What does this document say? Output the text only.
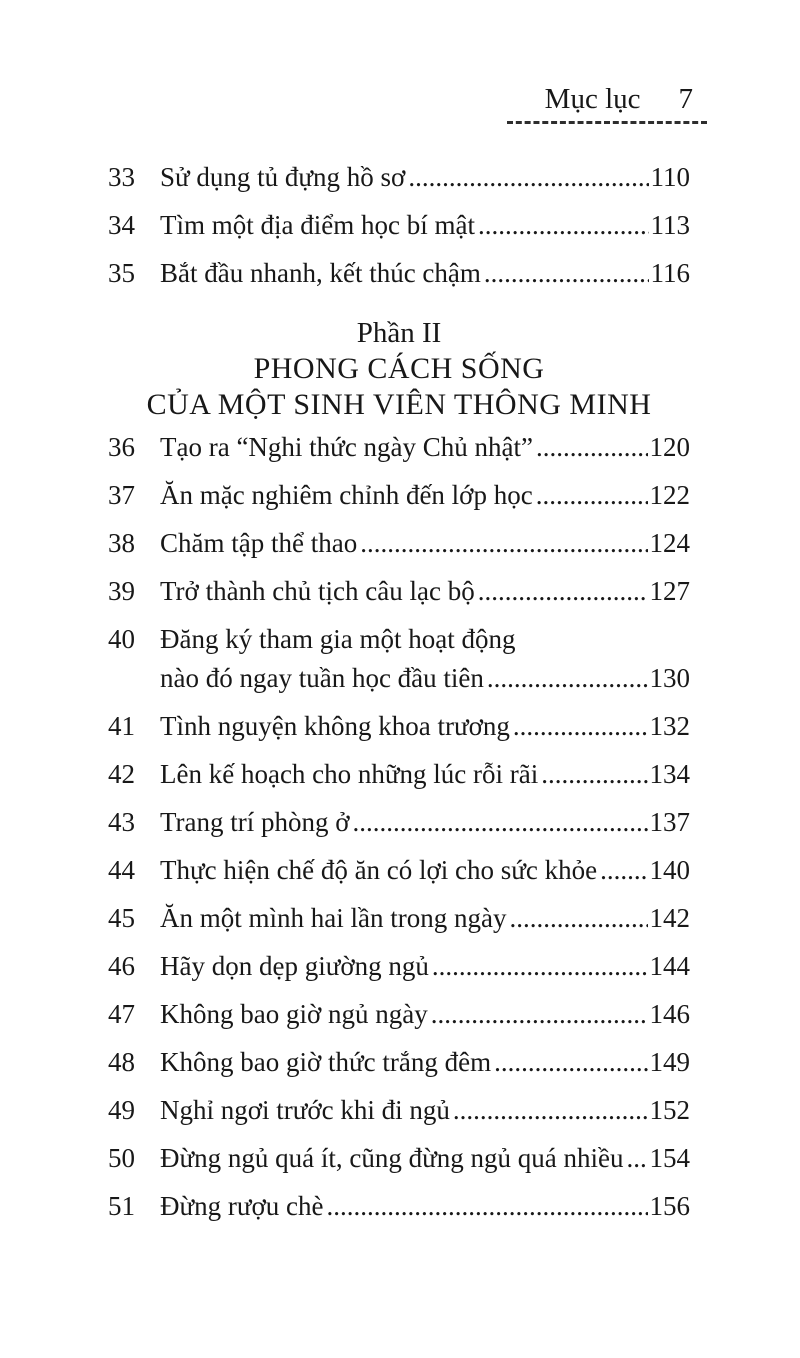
Mục lục 7
33 Sử dụng tủ đựng hồ sơ .....	110
34 Tìm một địa điểm học bí mật .....	113
35 Bắt đầu nhanh, kết thúc chậm .....	116
Phần II
PHONG CÁCH SỐNG
CỦA MỘT SINH VIÊN THÔNG MINH
36 Tạo ra “Nghi thức ngày Chủ nhật” .....	120
37 Ăn mặc nghiêm chỉnh đến lớp học .....	122
38 Chăm tập thể thao .....	124
39 Trở thành chủ tịch câu lạc bộ .....	127
40 Đăng ký tham gia một hoạt động
nào đó ngay tuần học đầu tiên .....	130
41 Tình nguyện không khoa trương .....	132
42 Lên kế hoạch cho những lúc rỗi rãi .....	134
43 Trang trí phòng ở .....	137
44 Thực hiện chế độ ăn có lợi cho sức khỏe ..... 140
45 Ăn một mình hai lần trong ngày .....	142
46 Hãy dọn dẹp giường ngủ .....	144
47 Không bao giờ ngủ ngày .....	146
48 Không bao giờ thức trắng đêm .....	149
49 Nghỉ ngơi trước khi đi ngủ .....	152
50 Đừng ngủ quá ít, cũng đừng ngủ quá nhiều ..... 154
51 Đừng rượu chè .....	156
